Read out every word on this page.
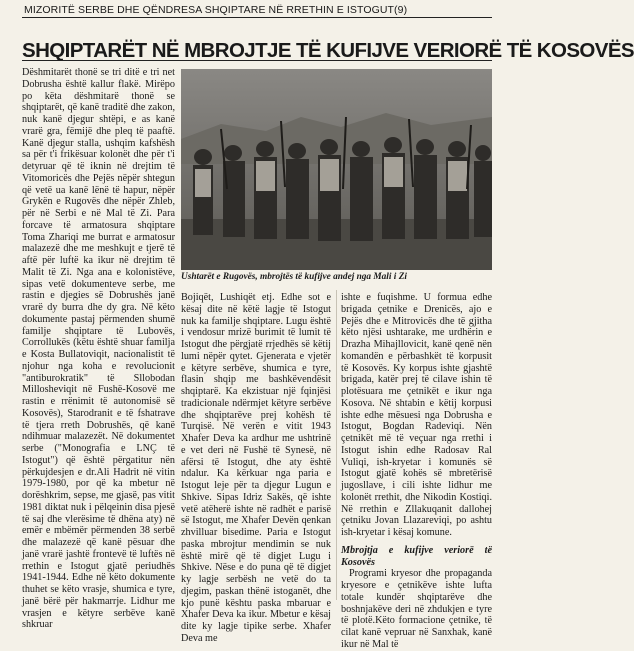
MIZORITË SERBE DHE QËNDRESA SHQIPTARE NË RRETHIN E ISTOGUT(9)
SHQIPTARËT NË MBROJTJE TË KUFIJVE VERIORË TË KOSOVËS

Dëshmitarët thonë se tri ditë e tri net Dobrusha është kallur flakë. Mirëpo po këta dëshmitarë thonë se shqiptarët, që kanë traditë dhe zakon, nuk kanë djegur shtëpi, e as kanë vrarë gra, fëmijë dhe pleq të paaftë. Kanë djegur stalla, ushqim kafshësh sa për t'i frikësuar kolonët dhe për t'i detyruar që të iknin në drejtim të Vitomoricës dhe Pejës nëpër shtegun që vetë ua kanë lënë të hapur, nëpër Grykën e Rugovës dhe nëpër Zhleb, për në Serbi e në Mal të Zi. Para forcave të armatosura shqiptare Toma Zhariqi me burrat e armatosur malazezë dhe me meshkujt e tjerë të aftë për luftë ka ikur në drejtim të Malit të Zi. Nga ana e kolonistëve, sipas vetë dokumenteve serbe, me rastin e djegies së Dobrushës janë vrarë dy burra dhe dy gra. Në këto dokumente pastaj përmenden shumë familje shqiptare të Lubovës, Corrollukës (këtu është shuar familja e Kosta Bullatoviqit, nacionalistit të njohur nga koha e revolucionit "antiburokratik" të Sllobodan Millosheviqit në Fushë-Kosovë me rastin e rrënimit të autonomisë së Kosovës), Starodranit e të fshatrave të tjera rreth Dobrushës, që kanë ndihmuar malazezët. Në dokumentet serbe ("Monografia e LNÇ të Istogut") që është përgatitur nën përkujdesjen e dr.Ali Hadrit në vitin 1979-1980, por që ka mbetur në dorëshkrim, sepse, me gjasë, pas vitit 1981 diktat nuk i pëlqeinin disa pjesë të saj dhe vlerësime të dhëna aty) në emër e mbëmër përmenden 38 serbë dhe malazezë që kanë pësuar dhe janë vrarë jashtë frontevë të luftës në rrethin e Istogut gjatë periudhës 1941-1944. Edhe në këto dokumente thuhet se këto vrasje, shumica e tyre, janë bërë për hakmarrje. Lidhur me vrasjen e këtyre serbëve kanë shkruar

Ushtarët e Rugovës, mbrojtës të kufijve andej nga Mali i Zi

Bojiqët, Lushiqët etj. Edhe sot e kësaj dite në këtë lagje të Istogut nuk ka familje shqiptare. Lugu është i vendosur mrizë burimit të lumit të Istogut dhe përgjatë rrjedhës së këtij lumi nëpër qytet. Gjenerata e vjetër e këtyre serbëve, shumica e tyre, flasin shqip me bashkëvendësit shqiptarë. Ka ekzistuar një fqinjësi tradicionale ndërmjet këtyre serbëve dhe shqiptarëve prej kohësh të Turqisë. Në verën e vitit 1943 Xhafer Deva ka ardhur me ushtrinë e vet deri në Fushë të Synesë, në afërsi të Istogut, dhe aty është ndalur. Ka kërkuar nga paria e Istogut leje për ta djegur Lugun e Shkive. Sipas Idriz Sakës, që ishte vetë atëherë ishte në radhët e parisë së Istogut, me Xhafer Devën qenkan zhvilluar bisedime. Paria e Istogut paska mbrojtur mendimin se nuk është mirë që të digjet Lugu i Shkive. Nëse e do puna që të digjet ky lagje serbësh ne vetë do ta djegim, paskan thënë istoganët, dhe kjo punë kështu paska mbaruar e Xhafer Deva ka ikur. Mbetur e kësaj dite ky lagje tipike serbe. Xhafer Deva me

ishte e fuqishme. U formua edhe brigada çetnike e Drenicës, ajo e Pejës dhe e Mitrovicës dhe të gjitha këto njësi ushtarake, me urdhërin e Drazha Mihajllovicit, kanë qenë nën komandën e përbashkët të korpusit të Kosovës. Ky korpus ishte gjashtë brigada, katër prej të cilave ishin të plotësuara me çetnikët e ikur nga Kosova. Në shtabin e këtij korpusi ishte edhe mësuesi nga Dobrusha e Istogut, Bogdan Radeviqi. Nën çetnikët më të veçuar nga rrethi i Istogut ishin edhe Radosav Ral Vuliqi, ish-kryetar i komunës së Istogut gjatë kohës së mbretërisë jugosllave, i cili ishte lidhur me kolonët rrethit, dhe Nikodin Kostiqi. Në rrethin e Zllakuqanit dallohej çetniku Jovan Llazareviqi, po ashtu ish-kryetar i kësaj komune.

Mbrojtja e kufijve veriorë të Kosovës

Programi kryesor dhe propaganda kryesore e çetnikëve ishte lufta totale kundër shqiptarëve dhe boshnjakëve deri në zhdukjen e tyre të plotë.Këto formacione çetnike, të cilat kanë vepruar në Sanxhak, kanë ikur në Mal të
